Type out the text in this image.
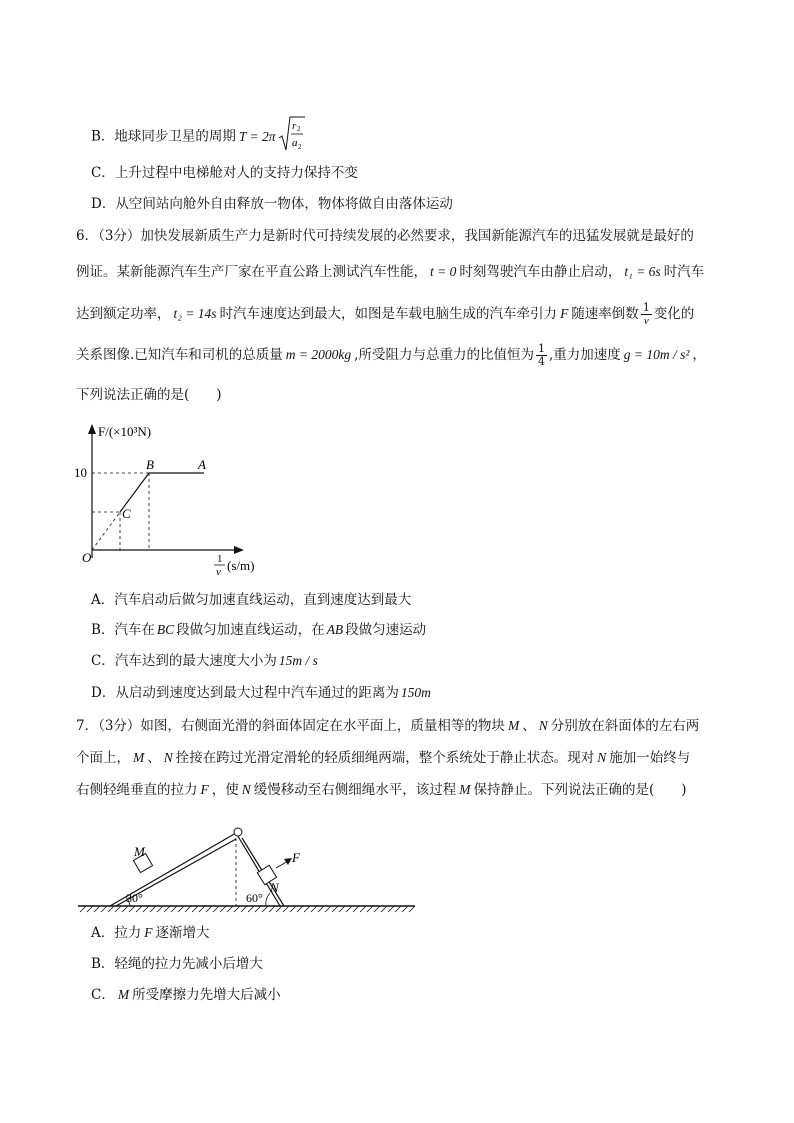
B．地球同步卫星的周期 T = 2π
r 2
a 2
C．上升过程中电梯舱对人的支持力保持不变
D．从空间站向舱外自由释放一物体，物体将做自由落体运动
6．（3分）加快发展新质生产力是新时代可持续发展的必然要求，我国新能源汽车的迅猛发展就是最好的
例证。某新能源汽车生产厂家在平直公路上测试汽车性能， t = 0 时刻驾驶汽车由静止启动， t₁ = 6s 时汽车
达到额定功率， t₂ = 14s 时汽车速度达到最大，如图是车载电脑生成的汽车牵引力 F 随速率倒数 $\frac{1}{v}$ 变化的
关系图像.已知汽车和司机的总质量 m = 2000kg ,所受阻力与总重力的比值恒为 $\frac{1}{4}$ ,重力加速度 g = 10m / s² ，
下列说法正确的是(　　)
F/(×10³N)
10
B	A
C
O	1
v (s/m)
A．汽车启动后做匀加速直线运动，直到速度达到最大
B．汽车在 BC 段做匀加速直线运动，在 AB 段做匀速运动
C．汽车达到的最大速度大小为 15m / s
D．从启动到速度达到最大过程中汽车通过的距离为 150m
7．（3分）如图，右侧面光滑的斜面体固定在水平面上，质量相等的物块 M 、 N 分别放在斜面体的左右两
个面上， M 、 N 拴接在跨过光滑定滑轮的轻质细绳两端，整个系统处于静止状态。现对 N 施加一始终与
右侧轻绳垂直的拉力 F ，使 N 缓慢移动至右侧细绳水平，该过程 M 保持静止。下列说法正确的是(　　)
M
N
F
30°	60°
A．拉力 F 逐渐增大
B．轻绳的拉力先减小后增大
C． M 所受摩擦力先增大后减小
